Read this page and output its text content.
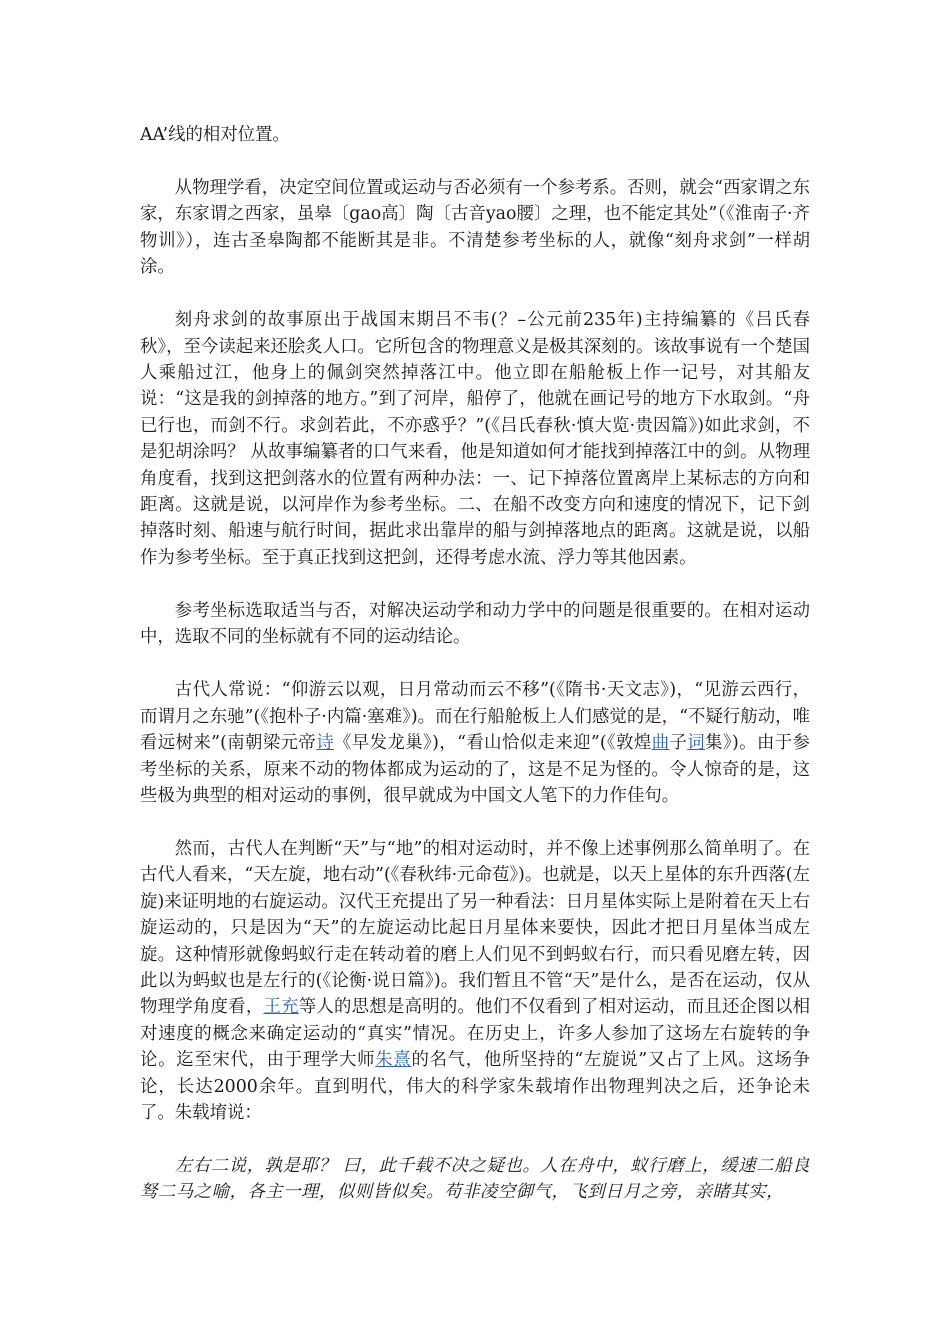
AA’线的相对位置。

从物理学看，决定空间位置或运动与否必须有一个参考系。否则，就会“西家谓之东家，东家谓之西家，虽皋〔gao高〕陶〔古音yao腰〕之理，也不能定其处”（《淮南子·齐物训》），连古圣皋陶都不能断其是非。不清楚参考坐标的人，就像“刻舟求剑”一样胡涂。

刻舟求剑的故事原出于战国末期吕不韦(？–公元前235年)主持编纂的《吕氏春秋》，至今读起来还脍炙人口。它所包含的物理意义是极其深刻的。该故事说有一个楚国人乘船过江，他身上的佩剑突然掉落江中。他立即在船舱板上作一记号，对其船友说：“这是我的剑掉落的地方。”到了河岸，船停了，他就在画记号的地方下水取剑。“舟已行也，而剑不行。求剑若此，不亦惑乎？”(《吕氏春秋·慎大览·贵因篇》)如此求剑，不是犯胡涂吗？ 从故事编纂者的口气来看，他是知道如何才能找到掉落江中的剑。从物理角度看，找到这把剑落水的位置有两种办法：一、记下掉落位置离岸上某标志的方向和距离。这就是说，以河岸作为参考坐标。二、在船不改变方向和速度的情况下，记下剑掉落时刻、船速与航行时间，据此求出靠岸的船与剑掉落地点的距离。这就是说，以船作为参考坐标。至于真正找到这把剑，还得考虑水流、浮力等其他因素。

参考坐标选取适当与否，对解决运动学和动力学中的问题是很重要的。在相对运动中，选取不同的坐标就有不同的运动结论。

古代人常说：“仰游云以观，日月常动而云不移”(《隋书·天文志》)，“见游云西行，而谓月之东驰”(《抱朴子·内篇·塞难》)。而在行船舱板上人们感觉的是，“不疑行舫动，唯看远树来”(南朝梁元帝诗《早发龙巢》)，“看山恰似走来迎”(《敦煌曲子词集》)。由于参考坐标的关系，原来不动的物体都成为运动的了，这是不足为怪的。令人惊奇的是，这些极为典型的相对运动的事例，很早就成为中国文人笔下的力作佳句。

然而，古代人在判断“天”与“地”的相对运动时，并不像上述事例那么简单明了。在古代人看来，“天左旋，地右动”(《春秋纬·元命苞》)。也就是，以天上星体的东升西落(左旋)来证明地的右旋运动。汉代王充提出了另一种看法：日月星体实际上是附着在天上右旋运动的，只是因为“天”的左旋运动比起日月星体来要快，因此才把日月星体当成左旋。这种情形就像蚂蚁行走在转动着的磨上人们见不到蚂蚁右行，而只看见磨左转，因此以为蚂蚁也是左行的(《论衡·说日篇》)。我们暂且不管“天”是什么，是否在运动，仅从物理学角度看，王充等人的思想是高明的。他们不仅看到了相对运动，而且还企图以相对速度的概念来确定运动的“真实”情况。在历史上，许多人参加了这场左右旋转的争论。迄至宋代，由于理学大师朱熹的名气，他所坚持的“左旋说”又占了上风。这场争论，长达2000余年。直到明代，伟大的科学家朱载堉作出物理判决之后，还争论未了。朱载堉说：

左右二说，孰是耶？ 曰，此千载不决之疑也。人在舟中，蚁行磨上，缓速二船良驽二马之喻，各主一理，似则皆似矣。苟非凌空御气，飞到日月之旁，亲睹其实，
